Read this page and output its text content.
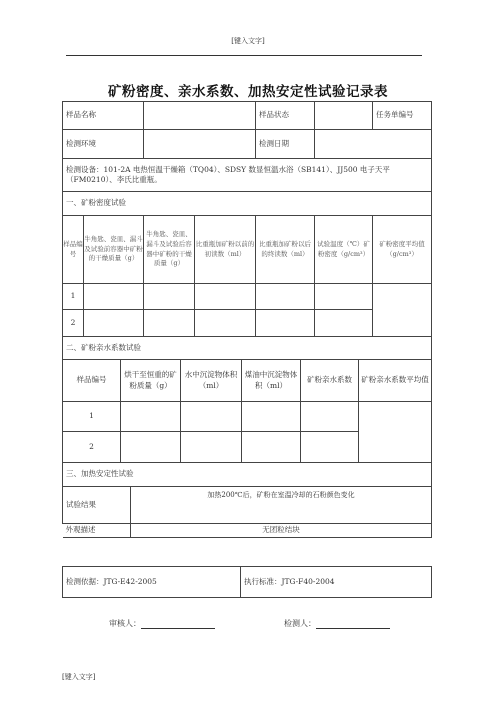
[键入文字]
矿粉密度、亲水系数、加热安定性试验记录表
样品名称				样品状态		任务单编号
检测环境				检测日期		

检测设备：101-2A 电热恒温干燥箱（TQ04）、SDSY 数显恒温水浴（SB141）、JJ500 电子天平
（FM0210）、李氏比重瓶。						

一、矿粉密度试验						
样品编号	牛角匙、瓷皿、漏斗及试验前容器中矿粉的干燥质量（g）	牛角匙、瓷皿、漏斗及试验后容器中矿粉的干燥质量（g）	比重瓶加矿粉以前的初读数（ml）	比重瓶加矿粉以后的终读数（ml）	试验温度（℃）矿粉密度（g/cm³）	矿粉密度平均值（g/cm³）
1						
2						
二、矿粉亲水系数试验					
样品编号	烘干至恒重的矿粉质量（g）	水中沉淀物体积（ml）	煤油中沉淀物体积（ml）	矿粉亲水系数	矿粉亲水系数平均值
1					
2					
三、加热安定性试验					
试验结果	加热200℃后，矿粉在室温冷却的石粉颜色变化

外观描述	无团粒结块
检测依据：JTG-E42-2005	执行标准：JTG-F40-2004
审核人：	检测人：
[键入文字]
